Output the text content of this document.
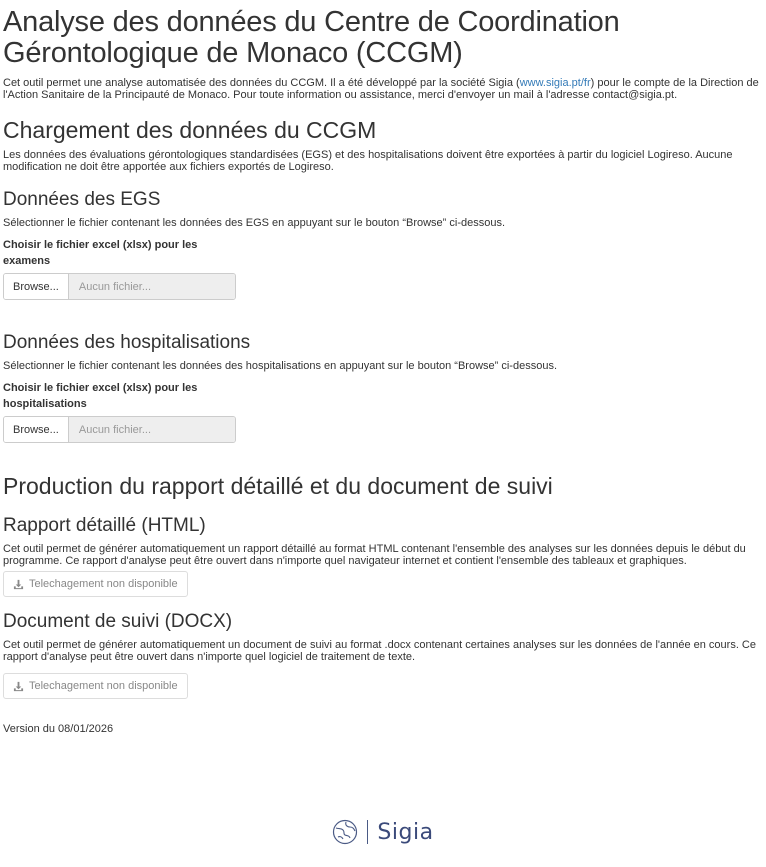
Analyse des données du Centre de Coordination Gérontologique de Monaco (CCGM)

Cet outil permet une analyse automatisée des données du CCGM. Il a été développé par la société Sigia (www.sigia.pt/fr) pour le compte de la Direction de l'Action Sanitaire de la Principauté de Monaco. Pour toute information ou assistance, merci d'envoyer un mail à l'adresse contact@sigia.pt.

Chargement des données du CCGM

Les données des évaluations gérontologiques standardisées (EGS) et des hospitalisations doivent être exportées à partir du logiciel Logireso. Aucune modification ne doit être apportée aux fichiers exportés de Logireso.

Données des EGS

Sélectionner le fichier contenant les données des EGS en appuyant sur le bouton “Browse” ci-dessous.

Choisir le fichier excel (xlsx) pour les examens
Browse...	Aucun fichier...
Données des hospitalisations

Sélectionner le fichier contenant les données des hospitalisations en appuyant sur le bouton “Browse” ci-dessous.

Choisir le fichier excel (xlsx) pour les hospitalisations
Browse...	Aucun fichier...
Production du rapport détaillé et du document de suivi
Rapport détaillé (HTML)

Cet outil permet de générer automatiquement un rapport détaillé au format HTML contenant l'ensemble des analyses sur les données depuis le début du programme. Ce rapport d'analyse peut être ouvert dans n'importe quel navigateur internet et contient l'ensemble des tableaux et graphiques.

Telechagement non disponible
Document de suivi (DOCX)

Cet outil permet de générer automatiquement un document de suivi au format .docx contenant certaines analyses sur les données de l'année en cours. Ce rapport d'analyse peut être ouvert dans n'importe quel logiciel de traitement de texte.

Telechagement non disponible

Version du 08/01/2026

Sigia
